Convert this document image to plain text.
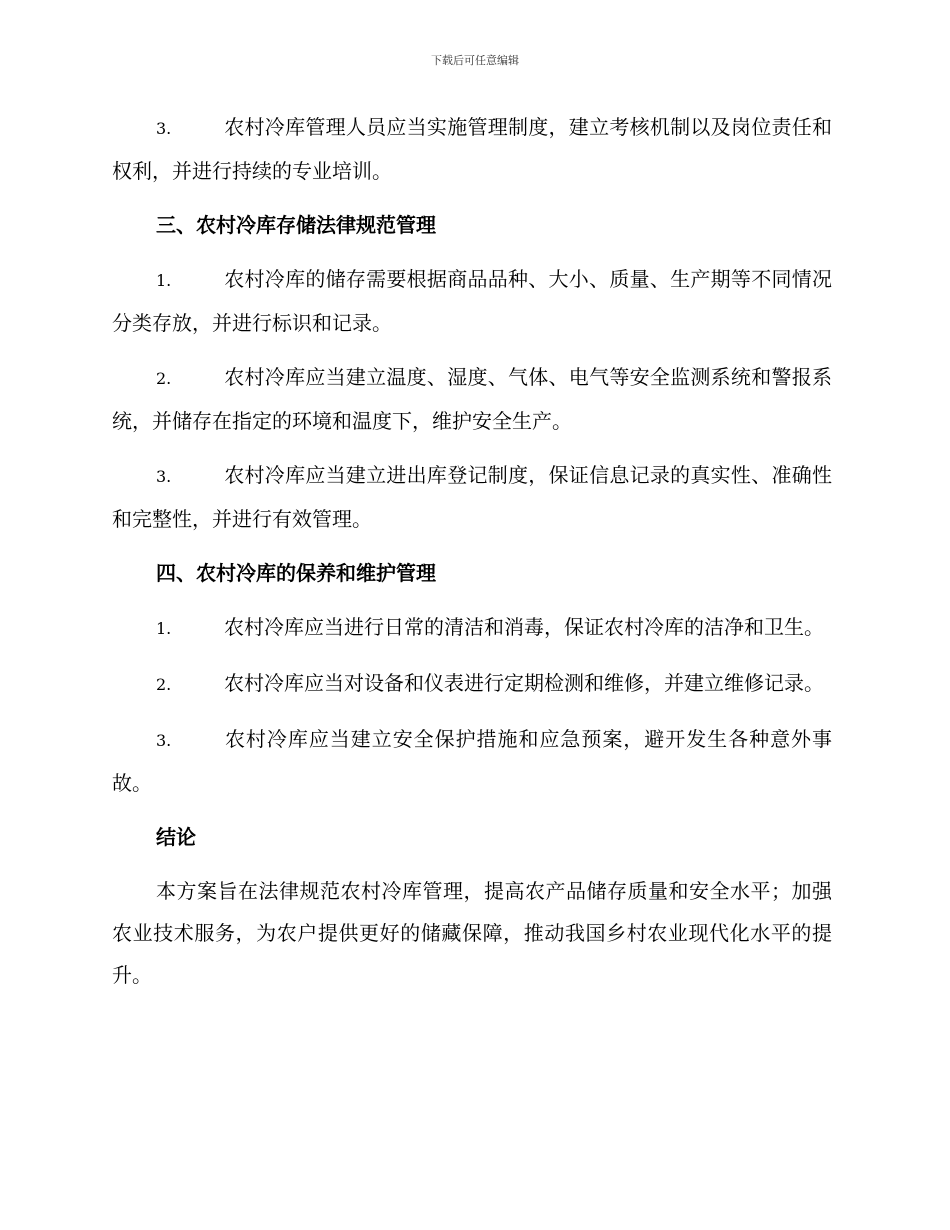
下载后可任意编辑

3.	农村冷库管理人员应当实施管理制度，建立考核机制以及岗位责任和权利，并进行持续的专业培训。

三、农村冷库存储法律规范管理

1.	农村冷库的储存需要根据商品品种、大小、质量、生产期等不同情况分类存放，并进行标识和记录。

2.	农村冷库应当建立温度、湿度、气体、电气等安全监测系统和警报系统，并储存在指定的环境和温度下，维护安全生产。

3.	农村冷库应当建立进出库登记制度，保证信息记录的真实性、准确性和完整性，并进行有效管理。

四、农村冷库的保养和维护管理

1.	农村冷库应当进行日常的清洁和消毒，保证农村冷库的洁净和卫生。

2.	农村冷库应当对设备和仪表进行定期检测和维修，并建立维修记录。

3.	农村冷库应当建立安全保护措施和应急预案，避开发生各种意外事故。

结论

本方案旨在法律规范农村冷库管理，提高农产品储存质量和安全水平；加强农业技术服务，为农户提供更好的储藏保障，推动我国乡村农业现代化水平的提升。
